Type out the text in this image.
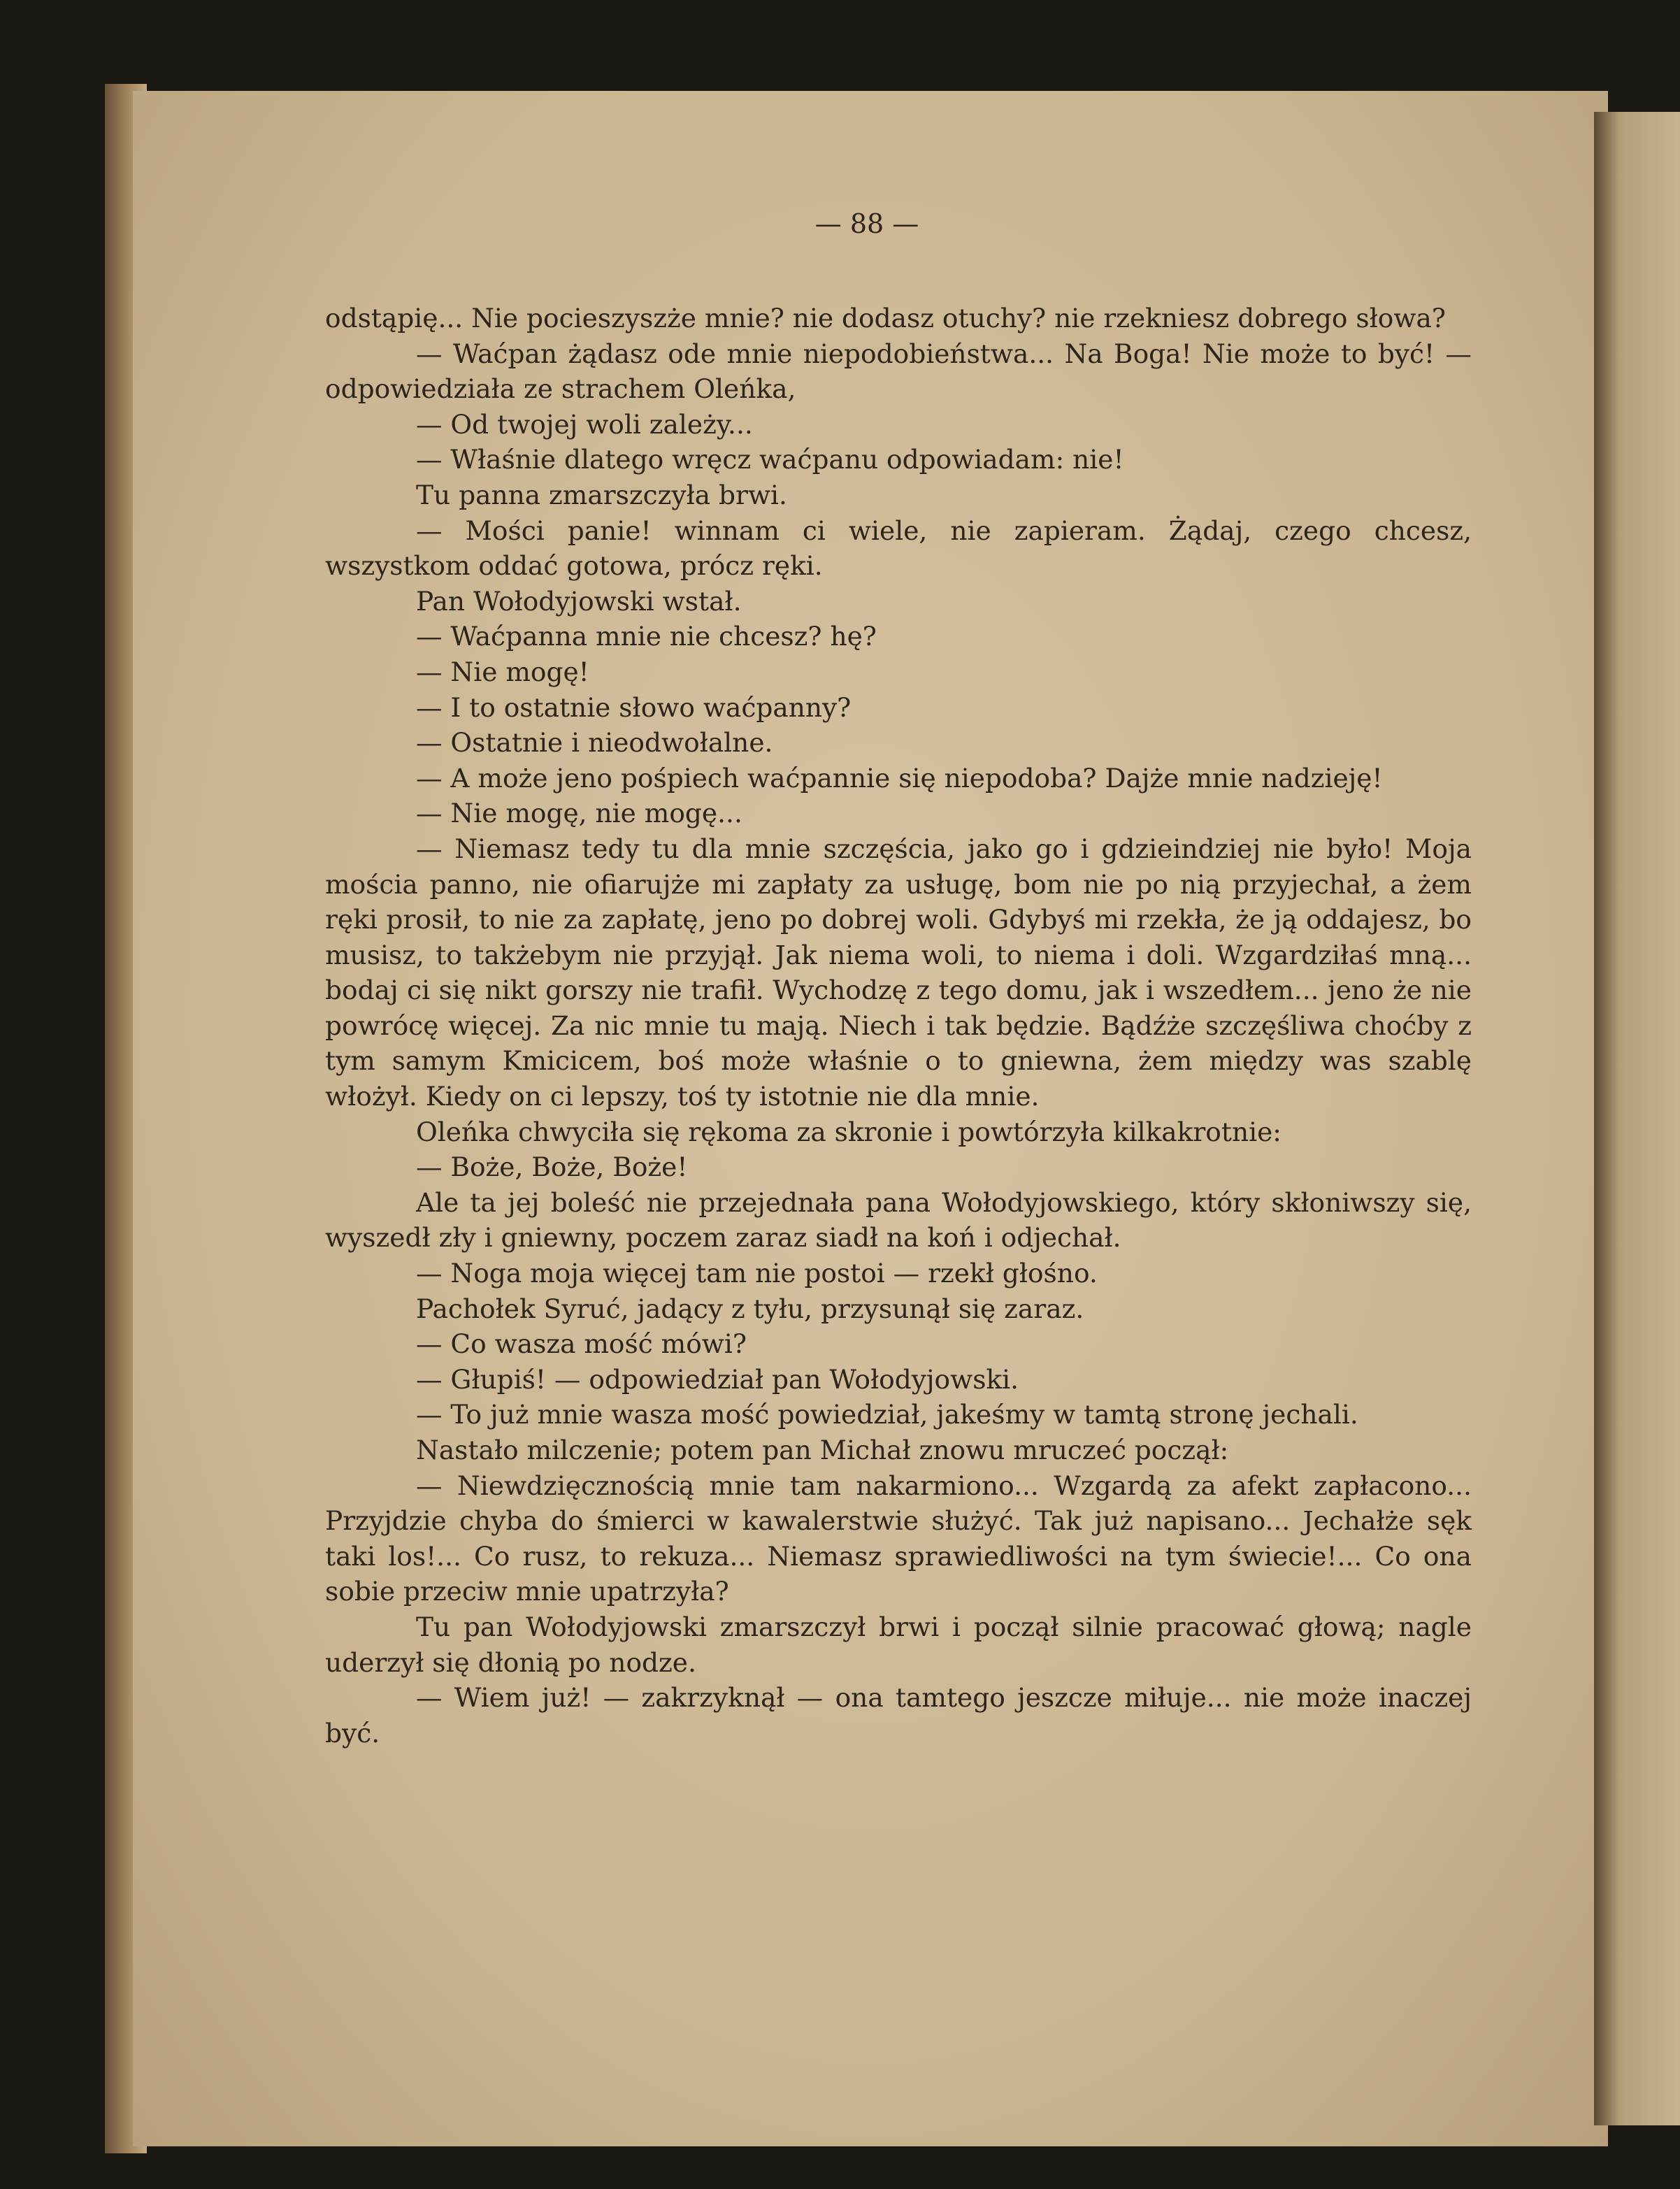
— 88 —

odstąpię... Nie pocieszyszże mnie? nie dodasz otuchy? nie rzekniesz dobrego słowa?

— Waćpan żądasz ode mnie niepodobieństwa... Na Boga! Nie może to być! — odpowiedziała ze strachem Oleńka,

— Od twojej woli zależy...

— Właśnie dlatego wręcz waćpanu odpowiadam: nie!

Tu panna zmarszczyła brwi.

— Mości panie! winnam ci wiele, nie zapieram. Żądaj, czego chcesz, wszystkom oddać gotowa, prócz ręki.

Pan Wołodyjowski wstał.

— Waćpanna mnie nie chcesz? hę?

— Nie mogę!

— I to ostatnie słowo waćpanny?

— Ostatnie i nieodwołalne.

— A może jeno pośpiech waćpannie się niepodoba? Dajże mnie nadzieję!

— Nie mogę, nie mogę...

— Niemasz tedy tu dla mnie szczęścia, jako go i gdzieindziej nie było! Moja mościa panno, nie ofiarujże mi zapłaty za usługę, bom nie po nią przyjechał, a żem ręki prosił, to nie za zapłatę, jeno po dobrej woli. Gdybyś mi rzekła, że ją oddajesz, bo musisz, to takżebym nie przyjął. Jak niema woli, to niema i doli. Wzgardziłaś mną... bodaj ci się nikt gorszy nie trafił. Wychodzę z tego domu, jak i wszedłem... jeno że nie powrócę więcej. Za nic mnie tu mają. Niech i tak będzie. Bądźże szczęśliwa choćby z tym samym Kmicicem, boś może właśnie o to gniewna, żem między was szablę włożył. Kiedy on ci lepszy, toś ty istotnie nie dla mnie.

Oleńka chwyciła się rękoma za skronie i powtórzyła kilkakrotnie:

— Boże, Boże, Boże!

Ale ta jej boleść nie przejednała pana Wołodyjowskiego, który skłoniwszy się, wyszedł zły i gniewny, poczem zaraz siadł na koń i odjechał.

— Noga moja więcej tam nie postoi — rzekł głośno.

Pachołek Syruć, jadący z tyłu, przysunął się zaraz.

— Co wasza mość mówi?

— Głupiś! — odpowiedział pan Wołodyjowski.

— To już mnie wasza mość powiedział, jakeśmy w tamtą stronę jechali.

Nastało milczenie; potem pan Michał znowu mruczeć począł:

— Niewdzięcznością mnie tam nakarmiono... Wzgardą za afekt zapłacono... Przyjdzie chyba do śmierci w kawalerstwie służyć. Tak już napisano... Jechałże sęk taki los!... Co rusz, to rekuza... Niemasz sprawiedliwości na tym świecie!... Co ona sobie przeciw mnie upatrzyła?

Tu pan Wołodyjowski zmarszczył brwi i począł silnie pracować głową; nagle uderzył się dłonią po nodze.

— Wiem już! — zakrzyknął — ona tamtego jeszcze miłuje... nie może inaczej być.
